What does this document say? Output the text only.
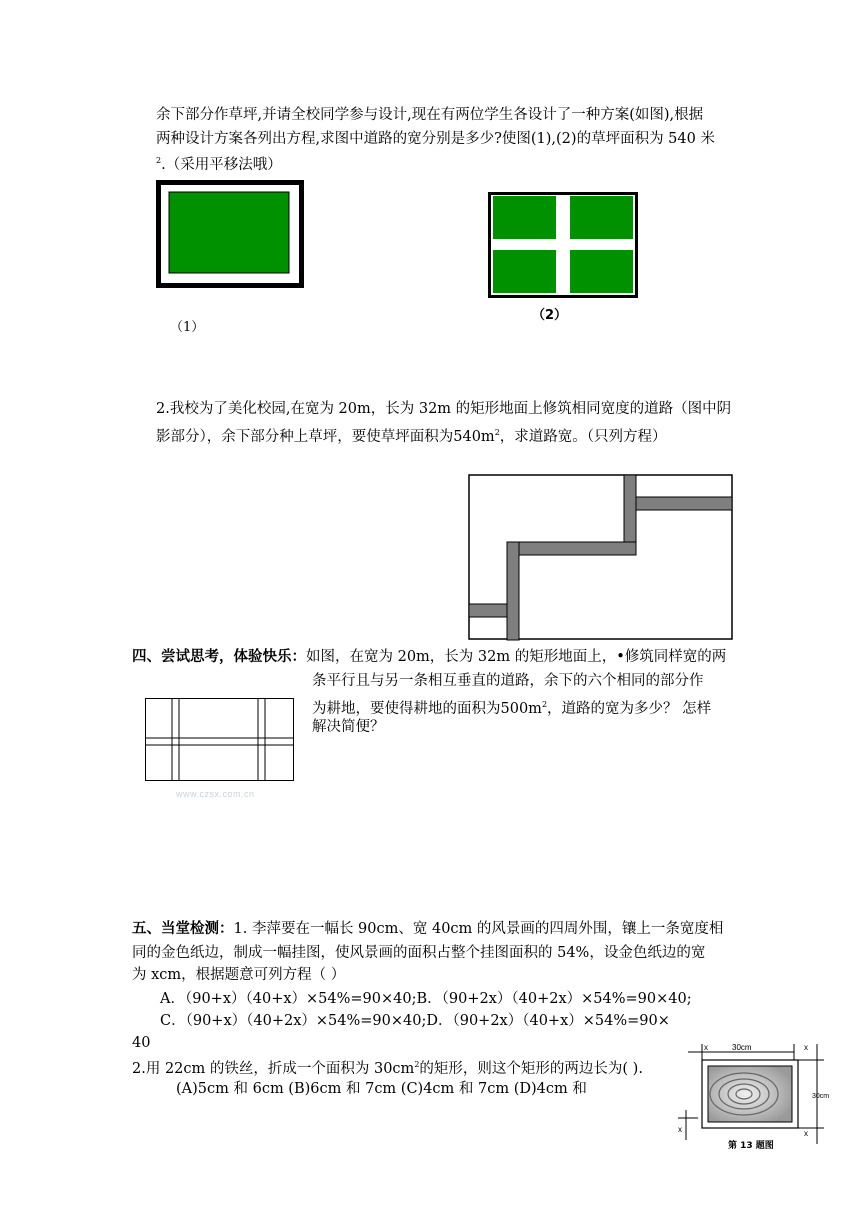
余下部分作草坪,并请全校同学参与设计,现在有两位学生各设计了一种方案(如图),根据
两种设计方案各列出方程,求图中道路的宽分别是多少?使图(1),(2)的草坪面积为 540 米
$^2$.（采用平移法哦）
（1）
（2）
2.我校为了美化校园,在宽为 20m，长为 32m 的矩形地面上修筑相同宽度的道路（图中阴
影部分），余下部分种上草坪，要使草坪面积为$540m^2$，求道路宽。（只列方程）
四、尝试思考，体验快乐：如图，在宽为 20m，长为 32m 的矩形地面上，•修筑同样宽的两
条平行且与另一条相互垂直的道路，余下的六个相同的部分作
为耕地，要使得耕地的面积为$500m^2$，道路的宽为多少？ 怎样
解决简便？
www.czsx.com.cn
五、当堂检测：1. 李萍要在一幅长 90cm、宽 40cm 的风景画的四周外围，镶上一条宽度相
同的金色纸边，制成一幅挂图，使风景画的面积占整个挂图面积的 54%，设金色纸边的宽
为 xcm，根据题意可列方程（ ）
A．（90+x）（40+x）×54%=90×40;B．（90+2x）（40+2x）×54%=90×40;
C．（90+x）（40+2x）×54%=90×40;D．（90+2x）（40+x）×54%=90×
40
2.用 22cm 的铁丝，折成一个面积为 $30cm^2$的矩形，则这个矩形的两边长为( ).
(A)5cm 和 6cm (B)6cm 和 7cm (C)4cm 和 7cm (D)4cm 和
30cm
x	x
30cm
x
x
第 13 题图
